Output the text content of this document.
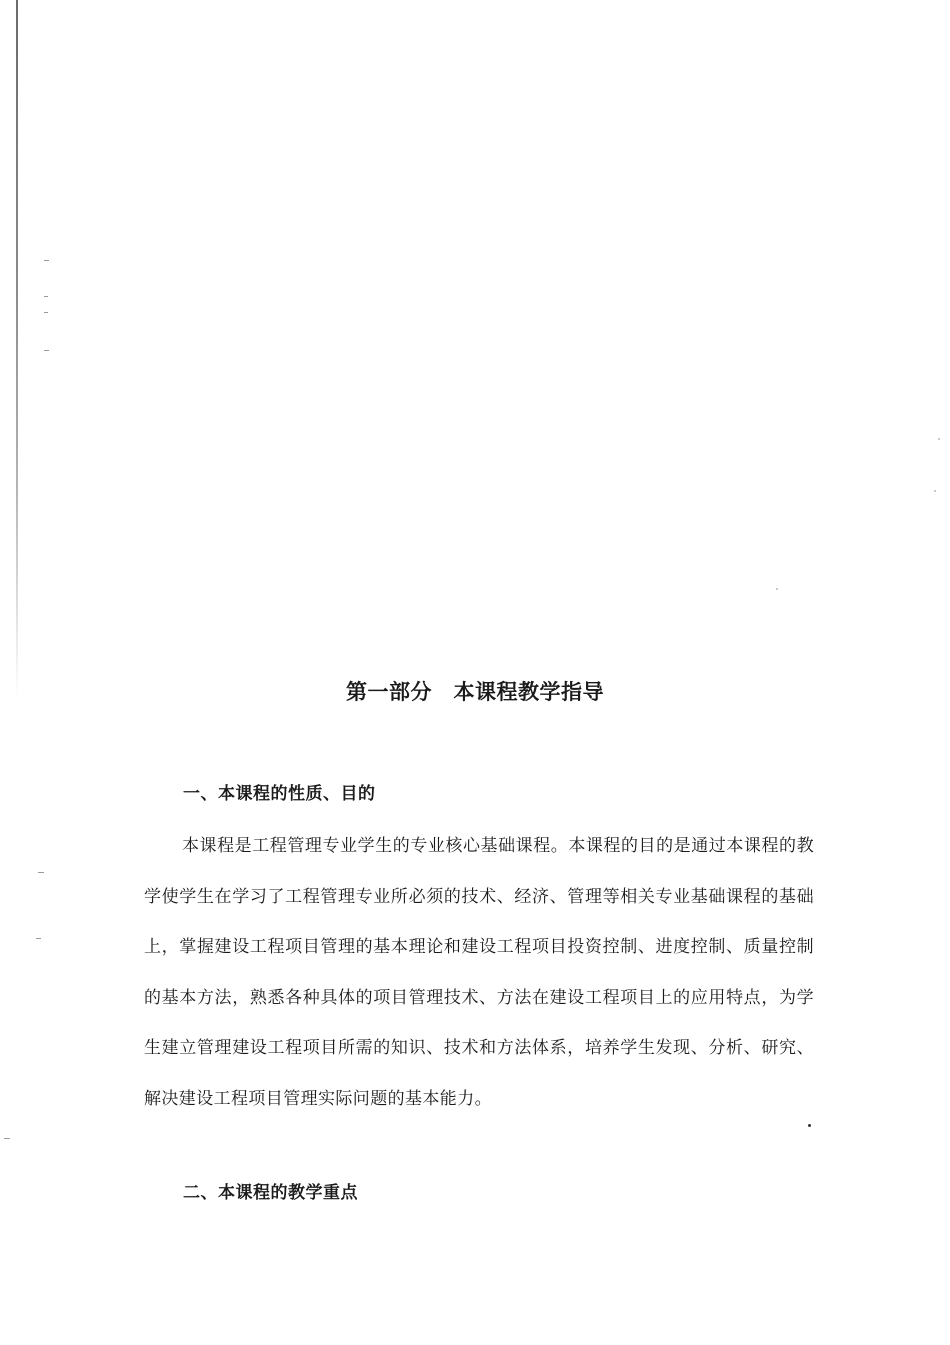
第一部分　本课程教学指导
一、本课程的性质、目的

本课程是工程管理专业学生的专业核心基础课程。本课程的目的是通过本课程的教学使学生在学习了工程管理专业所必须的技术、经济、管理等相关专业基础课程的基础上，掌握建设工程项目管理的基本理论和建设工程项目投资控制、进度控制、质量控制的基本方法，熟悉各种具体的项目管理技术、方法在建设工程项目上的应用特点，为学生建立管理建设工程项目所需的知识、技术和方法体系，培养学生发现、分析、研究、解决建设工程项目管理实际问题的基本能力。

二、本课程的教学重点
